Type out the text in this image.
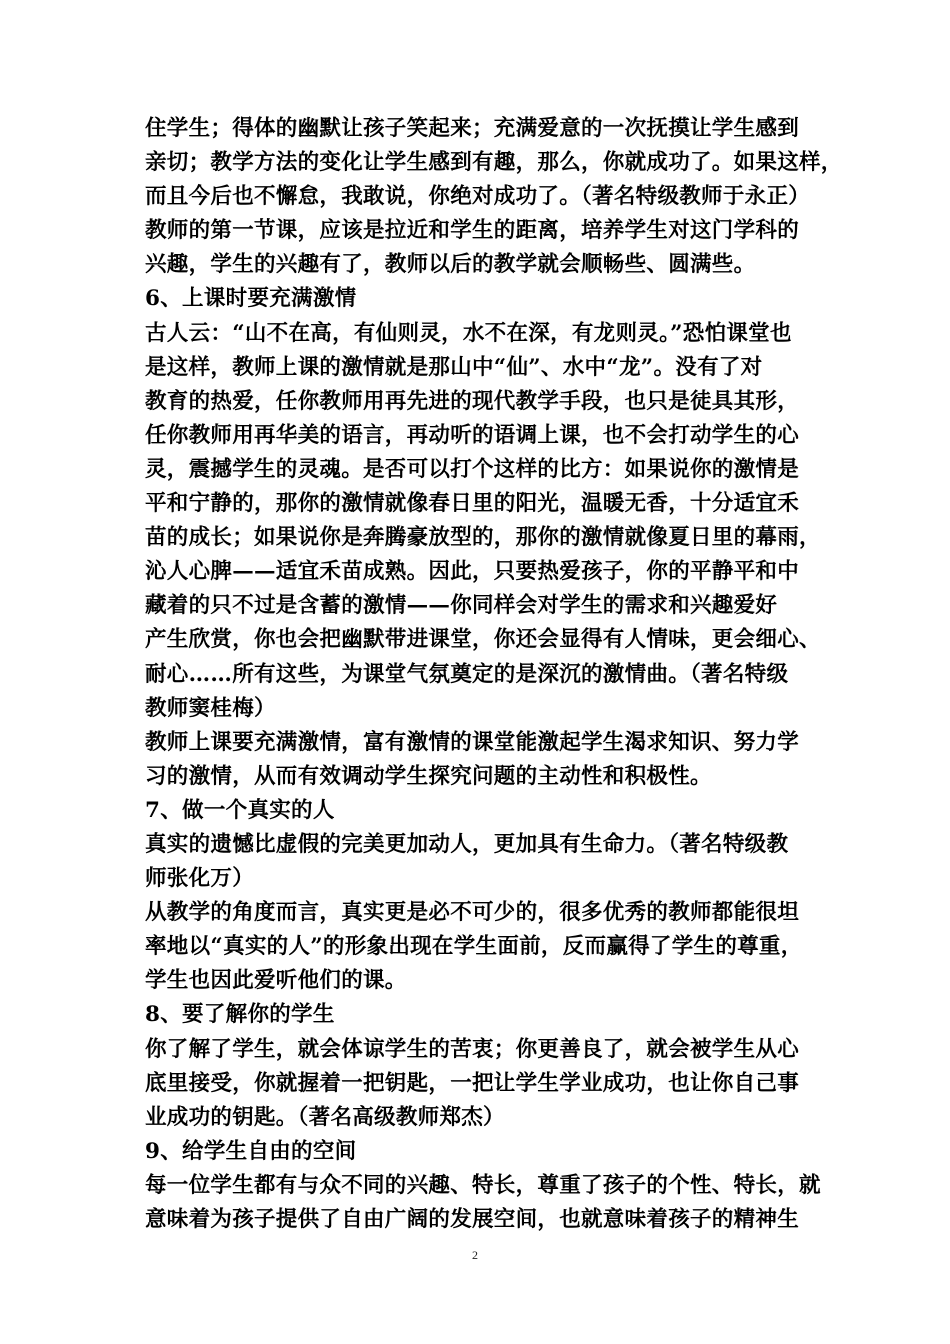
住学生；得体的幽默让孩子笑起来；充满爱意的一次抚摸让学生感到
亲切；教学方法的变化让学生感到有趣，那么，你就成功了。如果这样，
而且今后也不懈怠，我敢说，你绝对成功了。（著名特级教师于永正）
教师的第一节课，应该是拉近和学生的距离，培养学生对这门学科的
兴趣，学生的兴趣有了，教师以后的教学就会顺畅些、圆满些。
6、上课时要充满激情
古人云：“山不在高，有仙则灵，水不在深，有龙则灵。”恐怕课堂也
是这样，教师上课的激情就是那山中“仙”、水中“龙”。没有了对
教育的热爱，任你教师用再先进的现代教学手段，也只是徒具其形，
任你教师用再华美的语言，再动听的语调上课，也不会打动学生的心
灵，震撼学生的灵魂。是否可以打个这样的比方：如果说你的激情是
平和宁静的，那你的激情就像春日里的阳光，温暖无香，十分适宜禾
苗的成长；如果说你是奔腾豪放型的，那你的激情就像夏日里的幕雨，
沁人心脾——适宜禾苗成熟。因此，只要热爱孩子，你的平静平和中
藏着的只不过是含蓄的激情——你同样会对学生的需求和兴趣爱好
产生欣赏，你也会把幽默带进课堂，你还会显得有人情味，更会细心、
耐心……所有这些，为课堂气氛奠定的是深沉的激情曲。（著名特级
教师窦桂梅）
教师上课要充满激情，富有激情的课堂能激起学生渴求知识、努力学
习的激情，从而有效调动学生探究问题的主动性和积极性。
7、做一个真实的人
真实的遗憾比虚假的完美更加动人，更加具有生命力。（著名特级教
师张化万）
从教学的角度而言，真实更是必不可少的，很多优秀的教师都能很坦
率地以“真实的人”的形象出现在学生面前，反而赢得了学生的尊重，
学生也因此爱听他们的课。
8、要了解你的学生
你了解了学生，就会体谅学生的苦衷；你更善良了，就会被学生从心
底里接受，你就握着一把钥匙，一把让学生学业成功，也让你自己事
业成功的钥匙。（著名高级教师郑杰）
9、给学生自由的空间
每一位学生都有与众不同的兴趣、特长，尊重了孩子的个性、特长，就
意味着为孩子提供了自由广阔的发展空间，也就意味着孩子的精神生
2
